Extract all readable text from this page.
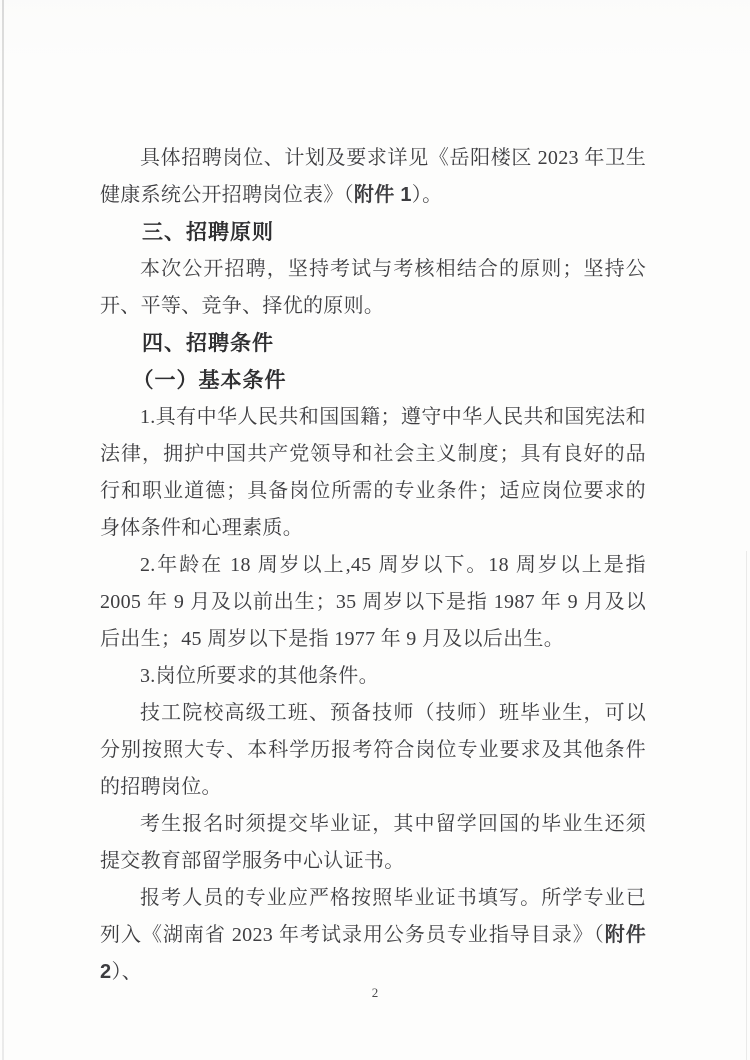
具体招聘岗位、计划及要求详见《岳阳楼区 2023 年卫生健康系统公开招聘岗位表》（附件 1）。

三、招聘原则

本次公开招聘，坚持考试与考核相结合的原则；坚持公开、平等、竞争、择优的原则。

四、招聘条件

（一）基本条件

1.具有中华人民共和国国籍；遵守中华人民共和国宪法和法律，拥护中国共产党领导和社会主义制度；具有良好的品行和职业道德；具备岗位所需的专业条件；适应岗位要求的身体条件和心理素质。

2.年龄在 18 周岁以上,45 周岁以下。18 周岁以上是指 2005 年 9 月及以前出生；35 周岁以下是指 1987 年 9 月及以后出生；45 周岁以下是指 1977 年 9 月及以后出生。

3.岗位所要求的其他条件。

技工院校高级工班、预备技师（技师）班毕业生，可以分别按照大专、本科学历报考符合岗位专业要求及其他条件的招聘岗位。

考生报名时须提交毕业证，其中留学回国的毕业生还须提交教育部留学服务中心认证书。

报考人员的专业应严格按照毕业证书填写。所学专业已列入《湖南省 2023 年考试录用公务员专业指导目录》（附件 2）、

2
